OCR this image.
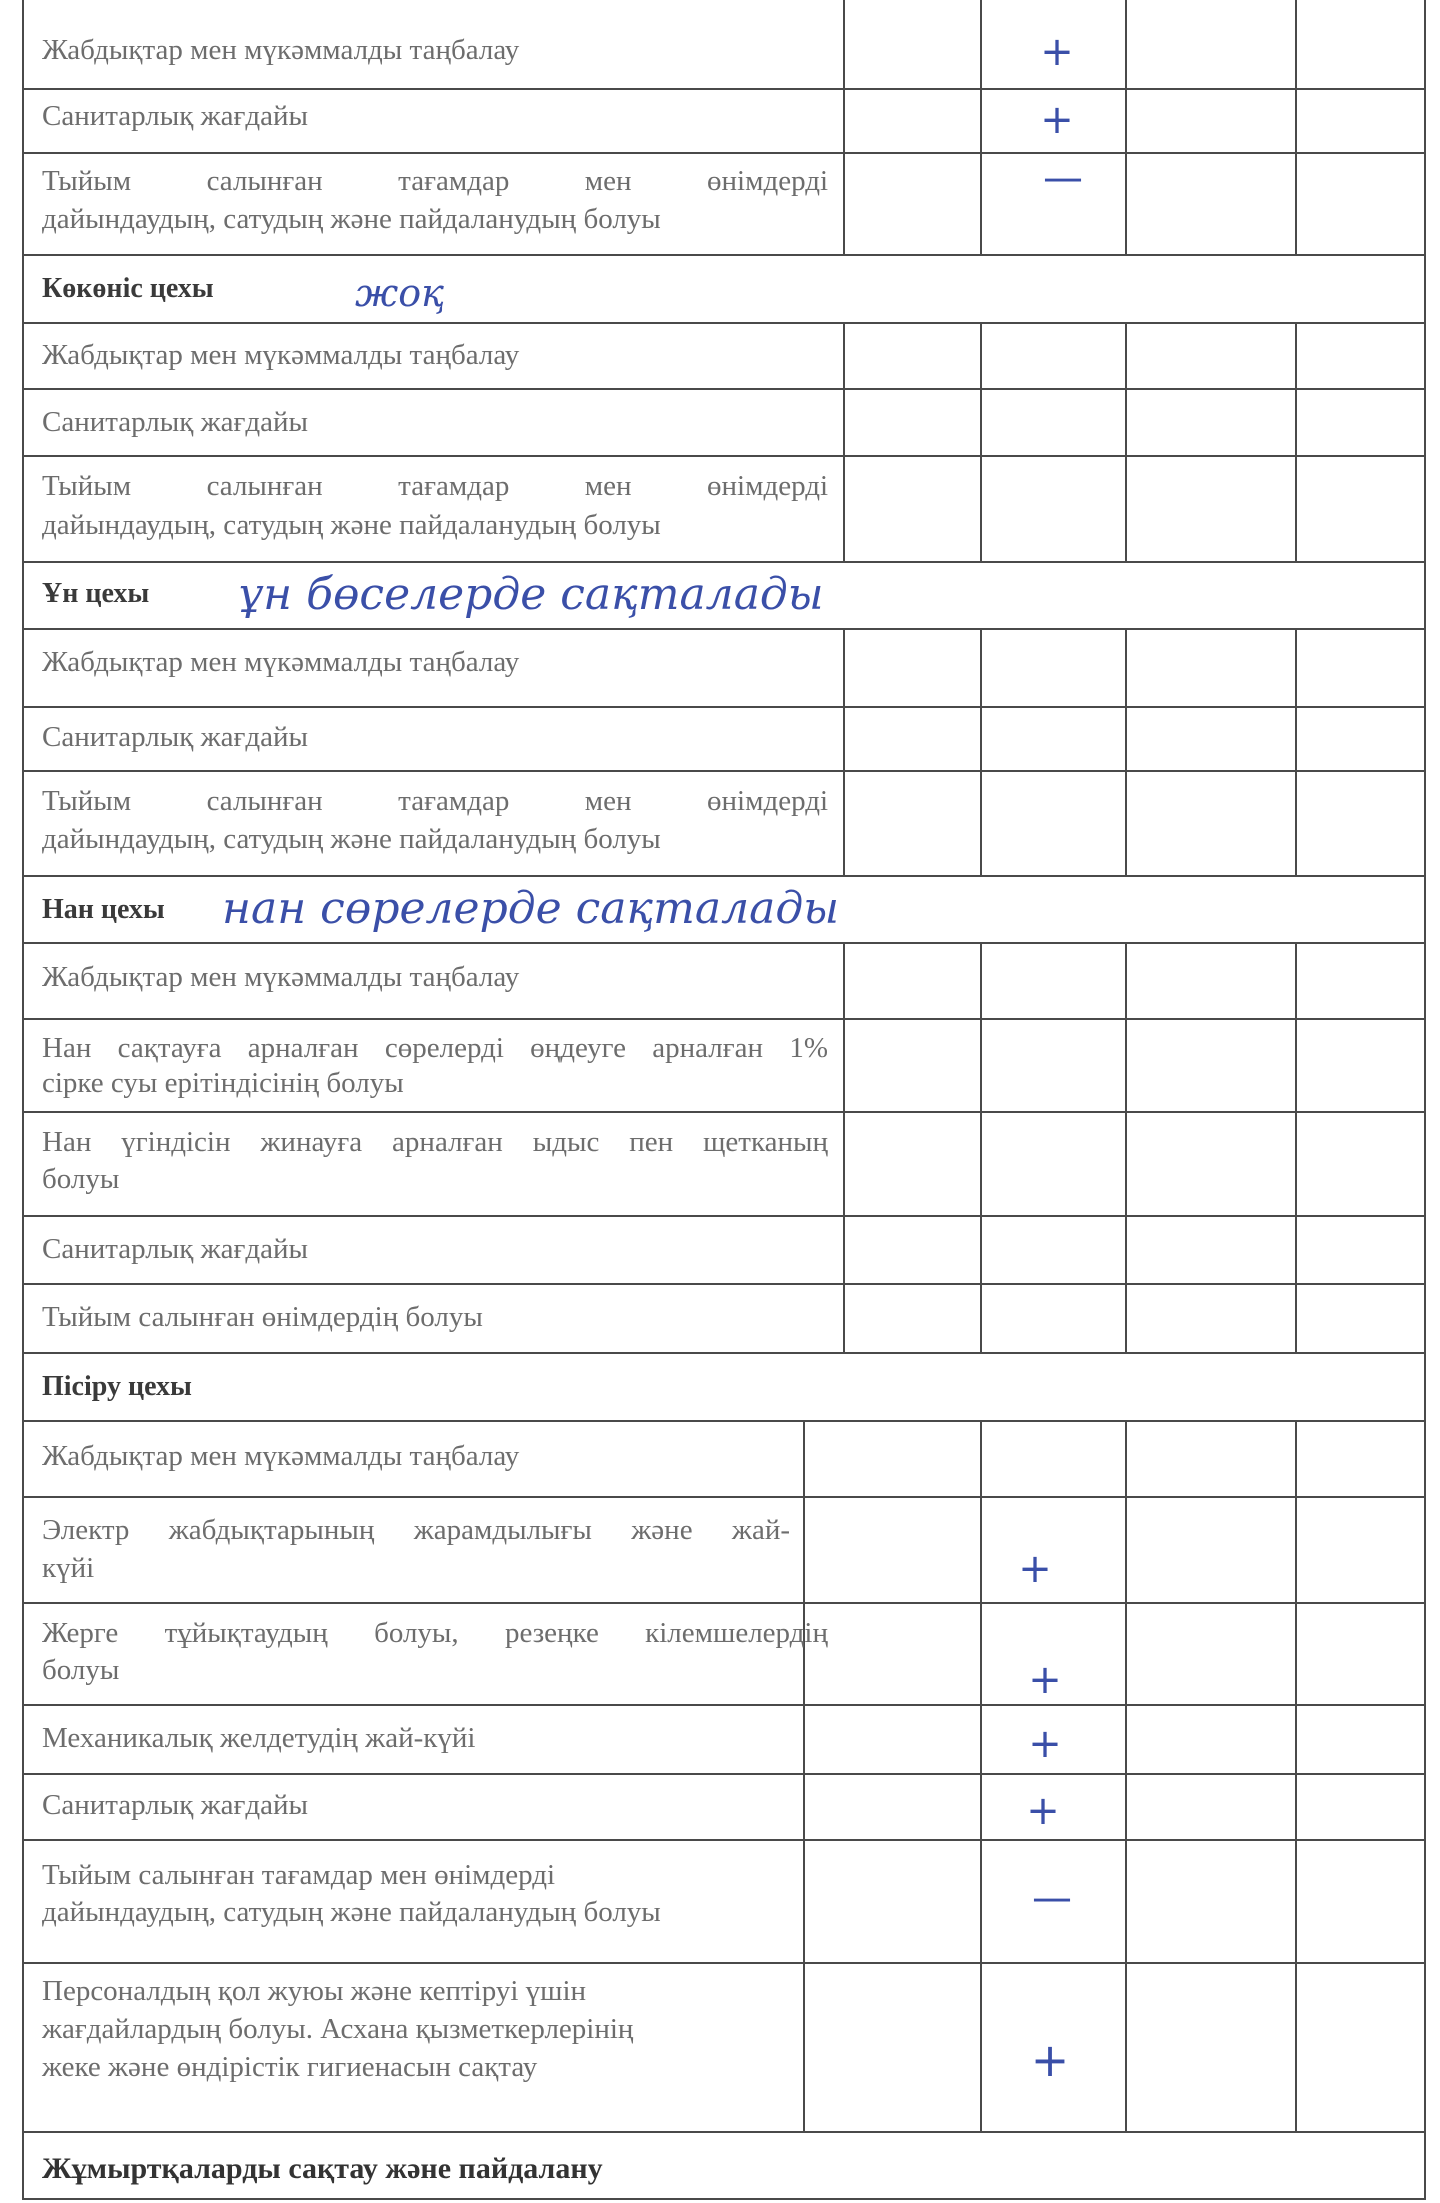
Жабдықтар мен мүкәммалды таңбалау
Санитарлық жағдайы
Тыйым салынған тағамдар мен өнімдерді
дайындаудың, сатудың және пайдаланудың болуы
Көкөніс цехы
Жабдықтар мен мүкәммалды таңбалау
Санитарлық жағдайы
Тыйым салынған тағамдар мен өнімдерді
дайындаудың, сатудың және пайдаланудың болуы
Ұн цехы
Жабдықтар мен мүкәммалды таңбалау
Санитарлық жағдайы
Тыйым салынған тағамдар мен өнімдерді
дайындаудың, сатудың және пайдаланудың болуы
Нан цехы
Жабдықтар мен мүкәммалды таңбалау
Нан сақтауға арналған сөрелерді өңдеуге арналған 1%
сірке суы ерітіндісінің болуы
Нан үгіндісін жинауға арналған ыдыс пен щетканың
болуы
Санитарлық жағдайы
Тыйым салынған өнімдердің болуы
Пісіру цехы
Жабдықтар мен мүкәммалды таңбалау
Электр жабдықтарының жарамдылығы және жай-
күйі
Жерге тұйықтаудың болуы, резеңке кілемшелердің
болуы
Механикалық желдетудің жай-күйі
Санитарлық жағдайы
Тыйым салынған тағамдар мен өнімдерді
дайындаудың, сатудың және пайдаланудың болуы
Персоналдың қол жуюы және кептіруі үшін
жағдайлардың болуы. Асхана қызметкерлерінің
жеке және өндірістік гигиенасын сақтау
Жұмыртқаларды сақтау және пайдалану
жоқ
ұн бөселерде сақталады
нан сөрелерде сақталады
+
+
—
+
+
+
+
—
+
